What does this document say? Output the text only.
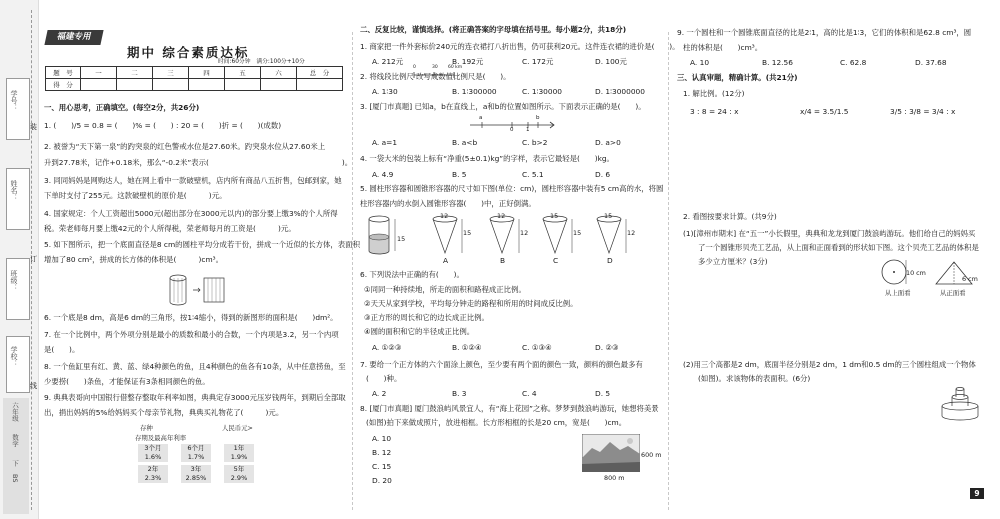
学号：
姓名：
班级：
学校：
装
订
线
六年级
数学
下
BS
福建专用
期中 综合素质达标
时间:60分钟　满分:100分+10分
题　号	一	二	三	四	五	六	总　分
得　分							
一、用心思考，正确填空。(每空2分，共26分)
1. (　　)/5 = 0.8 = (　　)% = (　　) : 20 = (　　)折 = (　　)(成数)
2. 被誉为“天下第一泉”的趵突泉的红色警戒水位是27.60米。趵突泉水位从27.60米上
升到27.78米，记作+0.18米，那么“-0.2米”表示(　　　　　　　　　　　　　　　　　　)。
3. 同同妈妈是网购达人，她在网上看中一款破壁机，店内所有商品八五折售，包邮到家，她
下单时支付了255元。这款破壁机的原价是(　　　)元。
4. 国家规定：个人工资超出5000元(超出部分在3000元以内)的部分要上缴3%的个人所得
税。荣老师每月要上缴42元的个人所得税，荣老师每月的工资是(　　　)元。
5. 如下图所示，把一个底面直径是8 cm的圆柱平均分成若干份，拼成一个近似的长方体，表面积
增加了80 cm²，拼成的长方体的体积是(　　　)cm³。
6. 一个底是8 dm，高是6 dm的三角形，按1∶4缩小，得到的新图形的面积是(　　)dm²。
7. 在一个比例中，两个外项分别是最小的质数和最小的合数，一个内项是3.2，另一个内项
是(　　)。
8. 一个鱼缸里有红、黄、蓝、绿4种颜色的鱼，且4种颜色的鱼各有10条，从中任意捞鱼，至
少要捞(　　)条鱼，才能保证有3条相同颜色的鱼。
9. 典典表哥向中国银行借整存整取年利率如图，典典定存3000元压岁钱两年，到期后全部取
出，捐出妈妈的5%给妈妈买个母亲节礼物，典典买礼物花了(　　　)元。
存种	人民币元>
存期及最高年利率
3个月	6个月	1年
1.6%	1.7%	1.9%
2年	3年	5年
2.3%	2.85%	2.9%
二、反复比较，谨慎选择。(将正确答案的字母填在括号里。每小题2分，共18分)
1. 商家把一件外套标价240元的连衣裙打八折出售，仍可获利20元。这件连衣裙的进价是(　　)。
A. 212元	B. 192元	C. 172元	D. 100元
2. 将线段比例尺 改写成数值比例尺是(　　)。
0	30 60 km
A. 1∶30	B. 1∶300000	C. 1∶30000	D. 1∶3000000
3. [厦门市真题] 已知a，b在直线上，a和b的位置如图所示。下面表示正确的是(　　)。
a
0 1
b
A. a=1	B. a<b	C. b>2	D. a>0
4. 一袋大米的包装上标有“净重(5±0.1)kg”的字样，表示它最轻是(　　)kg。
A. 4.9	B. 5	C. 5.1	D. 6
5. 圆柱形容器和圆锥形容器的尺寸如下图(单位：cm)，圆柱形容器中装有5 cm高的水，将圆
柱形容器内的水倒入圆锥形容器(　　)中，正好倒满。
15
12
15
12
12
15
15
15
12
A	B	C	D
6. 下列说法中正确的有(　　)。
①同同一种持续地，所走的面积和路程成正比例。
②天天从家到学校，平均每分钟走的路程和所用的时间成反比例。
③正方形的周长和它的边长成正比例。
④圆的面积和它的半径成正比例。
A. ①②③	B. ①②④	C. ①③④	D. ②③
7. 要给一个正方体的六个面涂上颜色，至少要有两个面的颜色一致，颜料的颜色最多有
(　　)种。
A. 2	B. 3	C. 4	D. 5
8. [厦门市真题] 厦门鼓浪屿风景宜人，有“海上花园”之称。梦梦到鼓浪屿游玩，她想将美景
(如图)拍下来做成照片，放进相框。长方形相框的长是20 cm，宽是(　　)cm。
A. 10
B. 12
C. 15
D. 20
600 m
800 m
9. 一个圆柱和一个圆锥底面直径的比是2∶1，高的比是1∶3，它们的体积和是62.8 cm³，圆
柱的体积是(　　)cm³。
A. 10	B. 12.56	C. 62.8	D. 37.68
三、认真审题，精确计算。(共21分)
1. 解比例。(12分)
3 : 8 = 24 : x	x/4 = 3.5/1.5	3/5 : 3/8 = 3/4 : x
2. 看图按要求计算。(共9分)
(1)[漳州市期末] 在“五一”小长假里，典典和龙龙到厦门鼓浪屿游玩。他们给自己的妈妈买
了一个圆锥形贝壳工艺品，从上面和正面看到的形状如下图。这个贝壳工艺品的体积是
多少立方厘米？(3分)
10 cm
6 cm
从上面看	从正面看
(2)用三个高都是2 dm，底面半径分别是2 dm，1 dm和0.5 dm的三个圆柱组成一个物体
(如图)。求该物体的表面积。(6分)
9
